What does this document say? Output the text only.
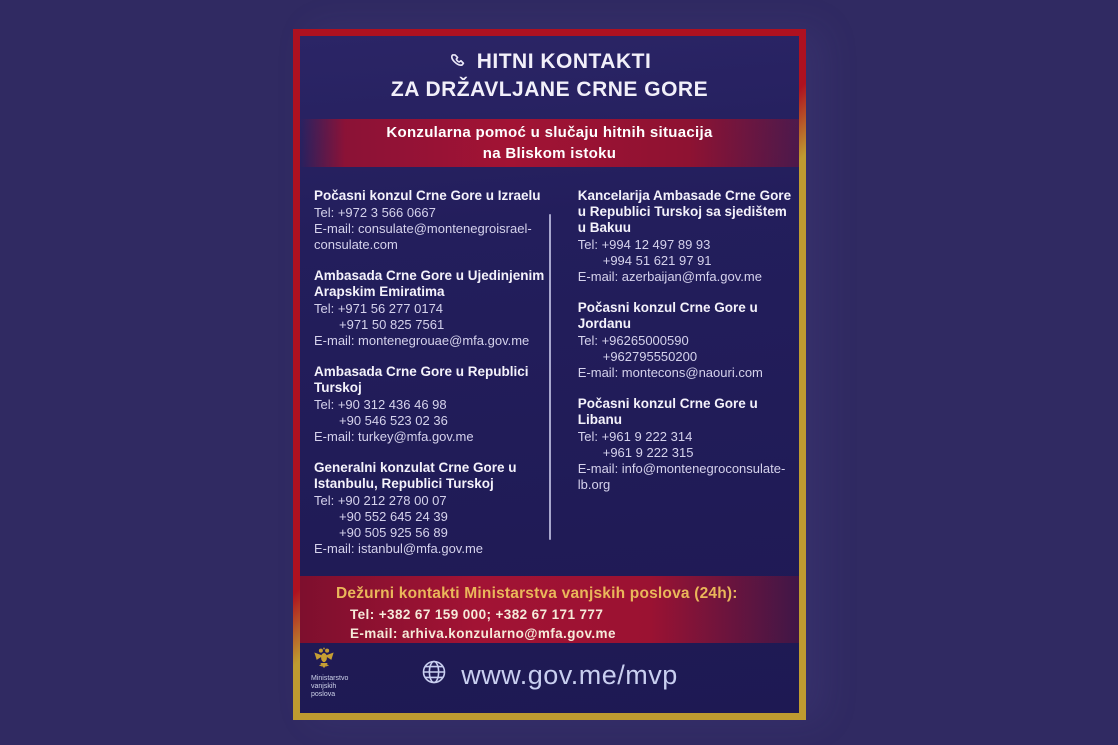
HITNI KONTAKTI
ZA DRŽAVLJANE CRNE GORE
Konzularna pomoć u slučaju hitnih situacija
na Bliskom istoku
Počasni konzul Crne Gore u Izraelu
Tel: +972 3 566 0667
E-mail: consulate@montenegroisrael-
consulate.com
Ambasada Crne Gore u Ujedinjenim Arapskim Emiratima
Tel: +971 56 277 0174
+971 50 825 7561
E-mail: montenegrouae@mfa.gov.me
Ambasada Crne Gore u Republici Turskoj
Tel: +90 312 436 46 98
+90 546 523 02 36
E-mail: turkey@mfa.gov.me
Generalni konzulat Crne Gore u Istanbulu, Republici Turskoj
Tel: +90 212 278 00 07
+90 552 645 24 39
+90 505 925 56 89
E-mail: istanbul@mfa.gov.me
Kancelarija Ambasade Crne Gore u Republici Turskoj sa sjedištem u Bakuu
Tel: +994 12 497 89 93
+994 51 621 97 91
E-mail: azerbaijan@mfa.gov.me
Počasni konzul Crne Gore u Jordanu
Tel: +96265000590
+962795550200
E-mail: montecons@naouri.com
Počasni konzul Crne Gore u Libanu
Tel: +961 9 222 314
+961 9 222 315
E-mail: info@montenegroconsulate-
lb.org
Dežurni kontakti Ministarstva vanjskih poslova (24h):
Tel: +382 67 159 000; +382 67 171 777
E-mail: arhiva.konzularno@mfa.gov.me
Ministarstvo
vanjskih
poslova
www.gov.me/mvp
